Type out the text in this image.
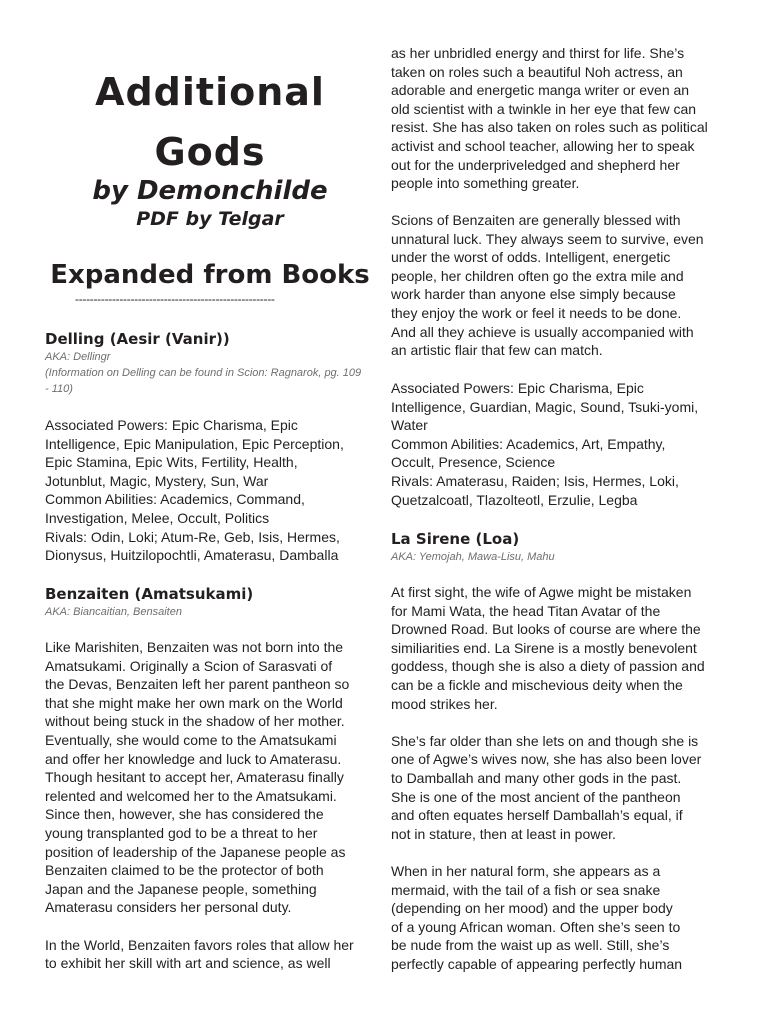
Additional
Gods
by Demonchilde
PDF by Telgar
Expanded from Books
------------------------------------------------------
Delling (Aesir (Vanir))
AKA: Dellingr
(Information on Delling can be found in Scion: Ragnarok, pg. 109
- 110)
Associated Powers: Epic Charisma, Epic
Intelligence, Epic Manipulation, Epic Perception,
Epic Stamina, Epic Wits, Fertility, Health,
Jotunblut, Magic, Mystery, Sun, War
Common Abilities: Academics, Command,
Investigation, Melee, Occult, Politics
Rivals: Odin, Loki; Atum-Re, Geb, Isis, Hermes,
Dionysus, Huitzilopochtli, Amaterasu, Damballa
Benzaiten (Amatsukami)
AKA: Biancaitian, Bensaiten
Like Marishiten, Benzaiten was not born into the
Amatsukami. Originally a Scion of Sarasvati of
the Devas, Benzaiten left her parent pantheon so
that she might make her own mark on the World
without being stuck in the shadow of her mother.
Eventually, she would come to the Amatsukami
and offer her knowledge and luck to Amaterasu.
Though hesitant to accept her, Amaterasu finally
relented and welcomed her to the Amatsukami.
Since then, however, she has considered the
young transplanted god to be a threat to her
position of leadership of the Japanese people as
Benzaiten claimed to be the protector of both
Japan and the Japanese people, something
Amaterasu considers her personal duty.
In the World, Benzaiten favors roles that allow her
to exhibit her skill with art and science, as well
as her unbridled energy and thirst for life. She’s
taken on roles such a beautiful Noh actress, an
adorable and energetic manga writer or even an
old scientist with a twinkle in her eye that few can
resist. She has also taken on roles such as political
activist and school teacher, allowing her to speak
out for the underpriveledged and shepherd her
people into something greater.
Scions of Benzaiten are generally blessed with
unnatural luck. They always seem to survive, even
under the worst of odds. Intelligent, energetic
people, her children often go the extra mile and
work harder than anyone else simply because
they enjoy the work or feel it needs to be done.
And all they achieve is usually accompanied with
an artistic flair that few can match.
Associated Powers: Epic Charisma, Epic
Intelligence, Guardian, Magic, Sound, Tsuki-yomi,
Water
Common Abilities: Academics, Art, Empathy,
Occult, Presence, Science
Rivals: Amaterasu, Raiden; Isis, Hermes, Loki,
Quetzalcoatl, Tlazolteotl, Erzulie, Legba
La Sirene (Loa)
AKA: Yemojah, Mawa-Lisu, Mahu
At first sight, the wife of Agwe might be mistaken
for Mami Wata, the head Titan Avatar of the
Drowned Road. But looks of course are where the
similiarities end. La Sirene is a mostly benevolent
goddess, though she is also a diety of passion and
can be a fickle and mischevious deity when the
mood strikes her.
She’s far older than she lets on and though she is
one of Agwe’s wives now, she has also been lover
to Damballah and many other gods in the past.
She is one of the most ancient of the pantheon
and often equates herself Damballah’s equal, if
not in stature, then at least in power.
When in her natural form, she appears as a
mermaid, with the tail of a fish or sea snake
(depending on her mood) and the upper body
of a young African woman. Often she’s seen to
be nude from the waist up as well. Still, she’s
perfectly capable of appearing perfectly human
